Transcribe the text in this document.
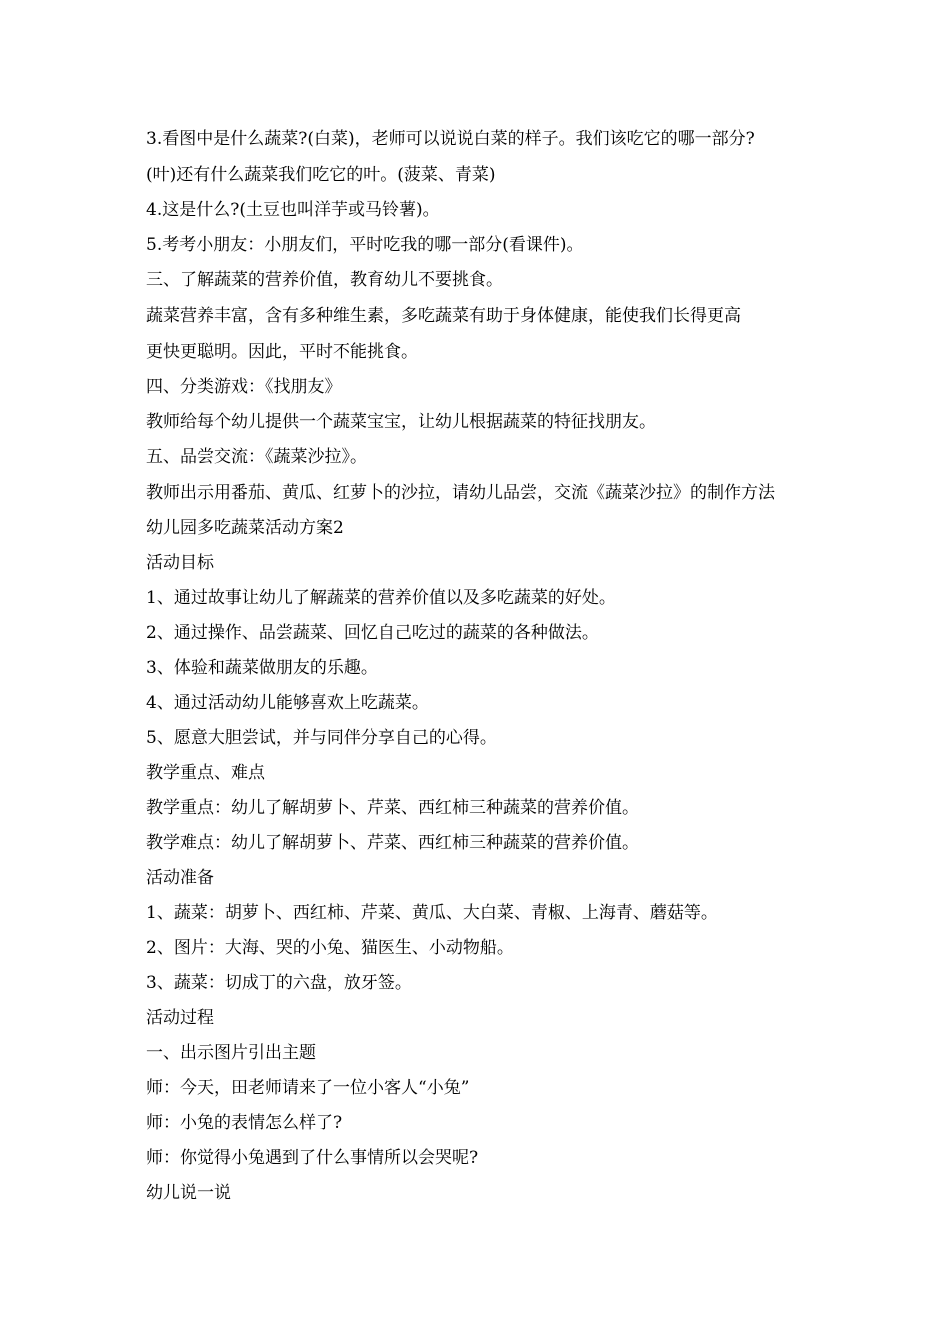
3.看图中是什么蔬菜?(白菜)，老师可以说说白菜的样子。我们该吃它的哪一部分?

(叶)还有什么蔬菜我们吃它的叶。(菠菜、青菜)

4.这是什么?(土豆也叫洋芋或马铃薯)。

5.考考小朋友：小朋友们，平时吃我的哪一部分(看课件)。

三、了解蔬菜的营养价值，教育幼儿不要挑食。

蔬菜营养丰富，含有多种维生素，多吃蔬菜有助于身体健康，能使我们长得更高

更快更聪明。因此，平时不能挑食。

四、分类游戏：《找朋友》

教师给每个幼儿提供一个蔬菜宝宝，让幼儿根据蔬菜的特征找朋友。

五、品尝交流：《蔬菜沙拉》。

教师出示用番茄、黄瓜、红萝卜的沙拉，请幼儿品尝，交流《蔬菜沙拉》的制作方法

幼儿园多吃蔬菜活动方案2

活动目标

1、通过故事让幼儿了解蔬菜的营养价值以及多吃蔬菜的好处。

2、通过操作、品尝蔬菜、回忆自己吃过的蔬菜的各种做法。

3、体验和蔬菜做朋友的乐趣。

4、通过活动幼儿能够喜欢上吃蔬菜。

5、愿意大胆尝试，并与同伴分享自己的心得。

教学重点、难点

教学重点：幼儿了解胡萝卜、芹菜、西红柿三种蔬菜的营养价值。

教学难点：幼儿了解胡萝卜、芹菜、西红柿三种蔬菜的营养价值。

活动准备

1、蔬菜：胡萝卜、西红柿、芹菜、黄瓜、大白菜、青椒、上海青、蘑菇等。

2、图片：大海、哭的小兔、猫医生、小动物船。

3、蔬菜：切成丁的六盘，放牙签。

活动过程

一、出示图片引出主题

师：今天，田老师请来了一位小客人“小兔”

师：小兔的表情怎么样了?

师：你觉得小兔遇到了什么事情所以会哭呢?

幼儿说一说
